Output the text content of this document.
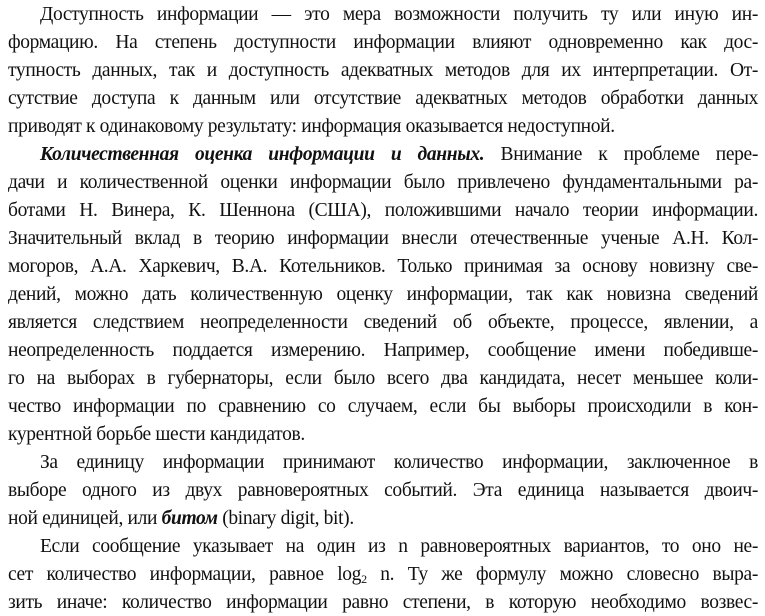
Доступность информации — это мера возможности получить ту или иную ин-
формацию. На степень доступности информации влияют одновременно как дос-
тупность данных, так и доступность адекватных методов для их интерпретации. От-
сутствие доступа к данным или отсутствие адекватных методов обработки данных
приводят к одинаковому результату: информация оказывается недоступной.
Количественная оценка информации и данных. Внимание к проблеме пере-
дачи и количественной оценки информации было привлечено фундаментальными ра-
ботами Н. Винера, К. Шеннона (США), положившими начало теории информации.
Значительный вклад в теорию информации внесли отечественные ученые А.Н. Кол-
могоров, А.А. Харкевич, В.А. Котельников. Только принимая за основу новизну све-
дений, можно дать количественную оценку информации, так как новизна сведений
является следствием неопределенности сведений об объекте, процессе, явлении, а
неопределенность поддается измерению. Например, сообщение имени победивше-
го на выборах в губернаторы, если было всего два кандидата, несет меньшее коли-
чество информации по сравнению со случаем, если бы выборы происходили в кон-
курентной борьбе шести кандидатов.
За единицу информации принимают количество информации, заключенное в
выборе одного из двух равновероятных событий. Эта единица называется двоич-
ной единицей, или битом (binary digit, bit).
Если сообщение указывает на один из n равновероятных вариантов, то оно не-
сет количество информации, равное $\log_2 n$. Ту же формулу можно словесно выра-
зить иначе: количество информации равно степени, в которую необходимо возвес-
